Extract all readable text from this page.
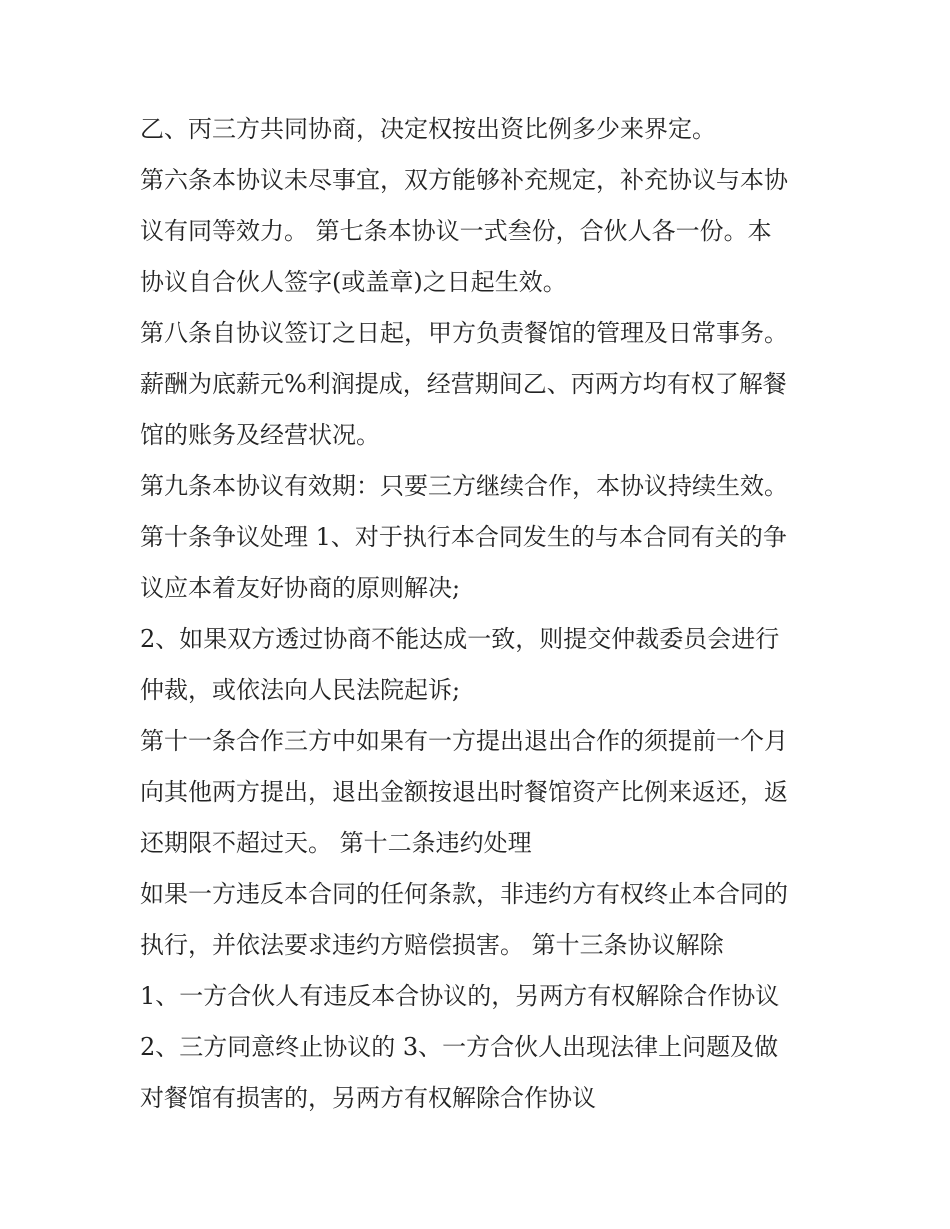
乙、丙三方共同协商，决定权按出资比例多少来界定。
第六条本协议未尽事宜，双方能够补充规定，补充协议与本协
议有同等效力。 第七条本协议一式叁份，合伙人各一份。本
协议自合伙人签字(或盖章)之日起生效。
第八条自协议签订之日起，甲方负责餐馆的管理及日常事务。
薪酬为底薪元%利润提成，经营期间乙、丙两方均有权了解餐
馆的账务及经营状况。
第九条本协议有效期：只要三方继续合作，本协议持续生效。
第十条争议处理 1、对于执行本合同发生的与本合同有关的争
议应本着友好协商的原则解决;
2、如果双方透过协商不能达成一致，则提交仲裁委员会进行
仲裁，或依法向人民法院起诉;
第十一条合作三方中如果有一方提出退出合作的须提前一个月
向其他两方提出，退出金额按退出时餐馆资产比例来返还，返
还期限不超过天。 第十二条违约处理
如果一方违反本合同的任何条款，非违约方有权终止本合同的
执行，并依法要求违约方赔偿损害。 第十三条协议解除
1、一方合伙人有违反本合协议的，另两方有权解除合作协议
2、三方同意终止协议的 3、一方合伙人出现法律上问题及做
对餐馆有损害的，另两方有权解除合作协议
